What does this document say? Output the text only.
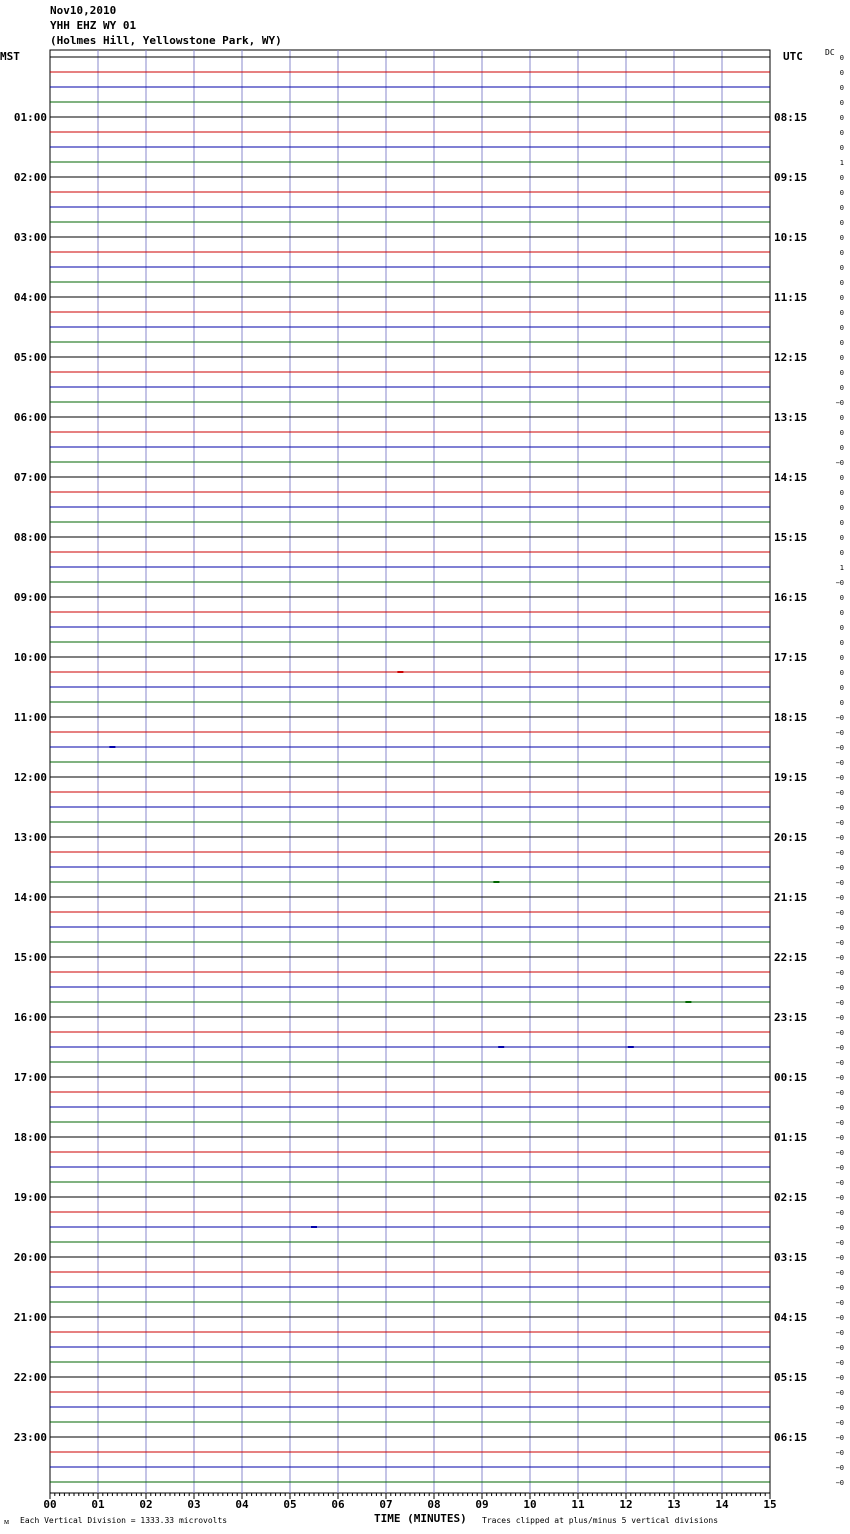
Nov10,2010
YHH EHZ WY 01
(Holmes Hill, Yellowstone Park, WY)
MST	UTC	DC
0
0
0
0
0
0
0
1
0
0
0
0
0
0
0
0
0
0
0
0
0
0
0
−0
0
0
0
−0
0
0
0
0
0
0
1
−0
0
0
0
0
0
0
0
0
−0
−0
−0
−0
−0
−0
−0
−0
−0
−0
−0
−0
−0
−0
−0
−0
−0
−0
−0
−0
−0
−0
−0
−0
−0
−0
−0
−0
−0
−0
−0
−0
−0
−0
−0
−0
−0
−0
−0
−0
−0
−0
−0
−0
−0
−0
−0
−0
−0
−0
−0
−0
01:00	08:15
02:00	09:15
03:00	10:15
04:00	11:15
05:00	12:15
06:00	13:15
07:00	14:15
08:00	15:15
09:00	16:15
10:00	17:15
11:00	18:15
12:00	19:15
13:00	20:15
14:00	21:15
15:00	22:15
16:00	23:15
17:00	00:15
18:00	01:15
19:00	02:15
20:00	03:15
21:00	04:15
22:00	05:15
23:00	06:15
00	01	02	03	04	05	06	07	08	09	10	11	12	13	14	15
ᴍ Each Vertical Division = 1333.33 microvolts	TIME (MINUTES) Traces clipped at plus/minus 5 vertical divisions
